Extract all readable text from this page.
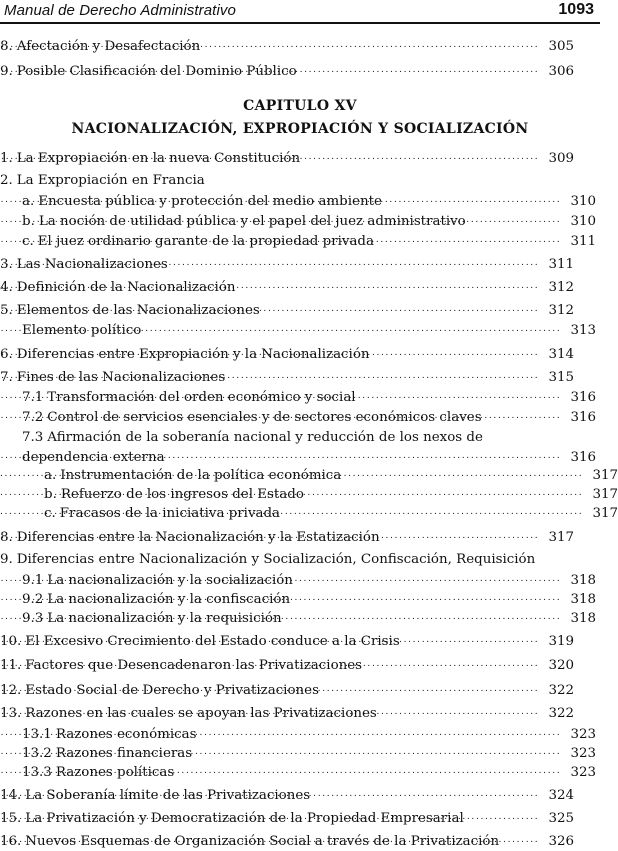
Manual de Derecho Administrativo	1093
CAPITULO XV
NACIONALIZACIÓN, EXPROPIACIÓN Y SOCIALIZACIÓN
8. Afectación y Desafectación . . .	305
9. Posible Clasificación del Dominio Público . . .	306
1. La Expropiación en la nueva Constitución . . .	309
2. La Expropiación en Francia
a. Encuesta pública y protección del medio ambiente . . .	310
b. La noción de utilidad pública y el papel del juez administrativo . . .	310
c. El juez ordinario garante de la propiedad privada . . .	311
3. Las Nacionalizaciones . . .	311
4. Definición de la Nacionalización . . .	312
5. Elementos de las Nacionalizaciones . . .	312
Elemento político . . .	313
6. Diferencias entre Expropiación y la Nacionalización . . .	314
7. Fines de las Nacionalizaciones . . .	315
7.1 Transformación del orden económico y social . . .	316
7.2 Control de servicios esenciales y de sectores económicos claves . . .	316
7.3 Afirmación de la soberanía nacional y reducción de los nexos de
dependencia externa . . .	316
a. Instrumentación de la política económica . . .	317
b. Refuerzo de los ingresos del Estado . . .	317
c. Fracasos de la iniciativa privada . . .	317
8. Diferencias entre la Nacionalización y la Estatización . . .	317
9. Diferencias entre Nacionalización y Socialización, Confiscación, Requisición
9.1 La nacionalización y la socialización . . .	318
9.2 La nacionalización y la confiscación . . .	318
9.3 La nacionalización y la requisición . . .	318
10. El Excesivo Crecimiento del Estado conduce a la Crisis . . .	319
11. Factores que Desencadenaron las Privatizaciones . . .	320
12. Estado Social de Derecho y Privatizaciones . . .	322
13. Razones en las cuales se apoyan las Privatizaciones . . .	322
13.1 Razones económicas . . .	323
13.2 Razones financieras . . .	323
13.3 Razones políticas . . .	323
14. La Soberanía límite de las Privatizaciones . . .	324
15. La Privatización y Democratización de la Propiedad Empresarial . . .	325
16. Nuevos Esquemas de Organización Social a través de la Privatización . . .	326
